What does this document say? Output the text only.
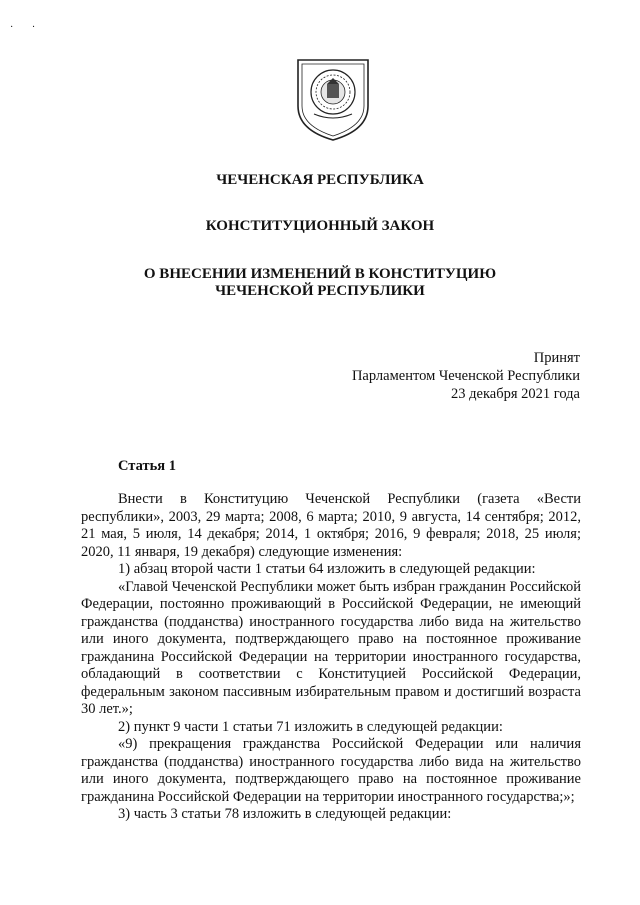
· ·
ЧЕЧЕНСКАЯ РЕСПУБЛИКА
КОНСТИТУЦИОННЫЙ ЗАКОН
О ВНЕСЕНИИ ИЗМЕНЕНИЙ В КОНСТИТУЦИЮ
ЧЕЧЕНСКОЙ РЕСПУБЛИКИ
Принят
Парламентом Чеченской Республики
23 декабря 2021 года
Статья 1

Внести в Конституцию Чеченской Республики (газета «Вести республики», 2003, 29 марта; 2008, 6 марта; 2010, 9 августа, 14 сентября; 2012, 21 мая, 5 июля, 14 декабря; 2014, 1 октября; 2016, 9 февраля; 2018, 25 июля; 2020, 11 января, 19 декабря) следующие изменения:

1) абзац второй части 1 статьи 64 изложить в следующей редакции:

«Главой Чеченской Республики может быть избран гражданин Российской Федерации, постоянно проживающий в Российской Федерации, не имеющий гражданства (подданства) иностранного государства либо вида на жительство или иного документа, подтверждающего право на постоянное проживание гражданина Российской Федерации на территории иностранного государства, обладающий в соответствии с Конституцией Российской Федерации, федеральным законом пассивным избирательным правом и достигший возраста 30 лет.»;

2) пункт 9 части 1 статьи 71 изложить в следующей редакции:

«9) прекращения гражданства Российской Федерации или наличия гражданства (подданства) иностранного государства либо вида на жительство или иного документа, подтверждающего право на постоянное проживание гражданина Российской Федерации на территории иностранного государства;»;

3) часть 3 статьи 78 изложить в следующей редакции:
